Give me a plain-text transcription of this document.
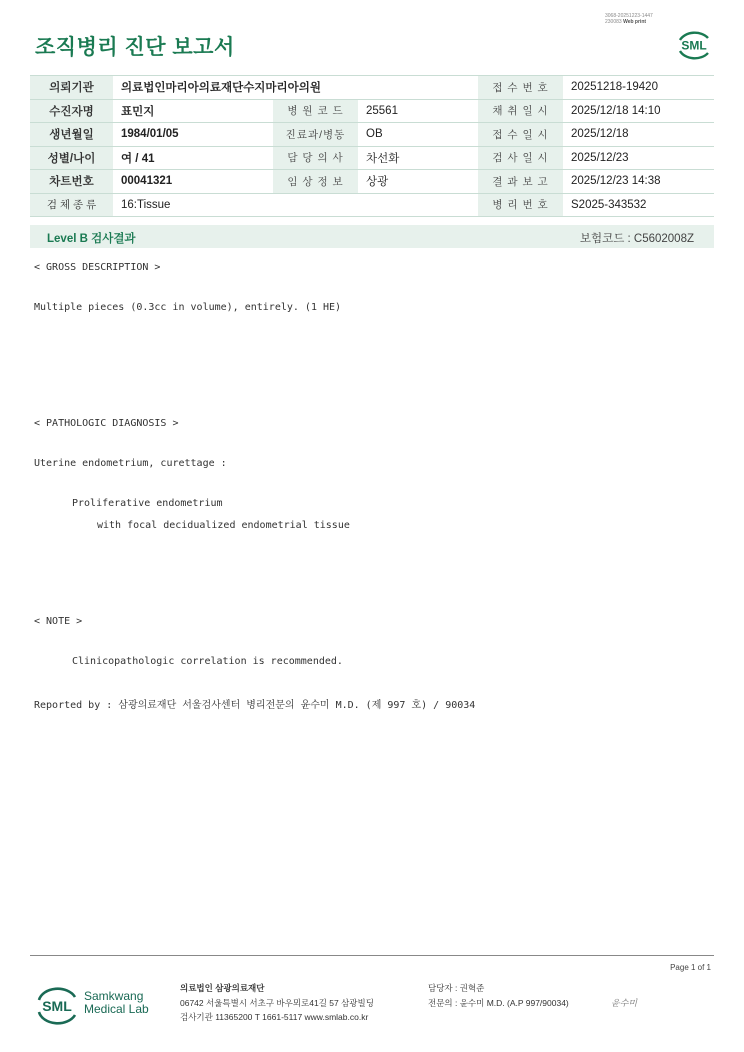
3068-20251223-1447
230083 Web print
조직병리 진단 보고서	SML
의뢰기관	의료법인마리아의료재단수지마리아의원			접 수 번 호	20251218-19420
수진자명	표민지	병 원 코 드	25561	채 취 일 시	2025/12/18 14:10
생년월일	1984/01/05	진료과/병동	OB	접 수 일 시	2025/12/18
성별/나이	여 / 41	담 당 의 사	차선화	검 사 일 시	2025/12/23
차트번호	00041321	임 상 정 보	상광	결 과 보 고	2025/12/23 14:38
검 체 종 류	16:Tissue			병 리 번 호	S2025-343532
Level B 검사결과	보험코드 : C5602008Z
< GROSS DESCRIPTION >
Multiple pieces (0.3cc in volume), entirely. (1 HE)
< PATHOLOGIC DIAGNOSIS >
Uterine endometrium, curettage :
Proliferative endometrium
with focal decidualized endometrial tissue
< NOTE >
Clinicopathologic correlation is recommended.
Reported by : 삼광의료재단 서울검사센터 병리전문의 윤수미 M.D. (제 997 호) / 90034
Page 1 of 1
SML
Samkwang
Medical Lab
의료법인 삼광의료재단
06742 서울특별시 서초구 바우뫼로41길 57 삼광빌딩
검사기관 11365200 T 1661-5117 www.smlab.co.kr
담당자 : 권혁준
전문의 : 윤수미 M.D. (A.P 997/90034)	윤수미
